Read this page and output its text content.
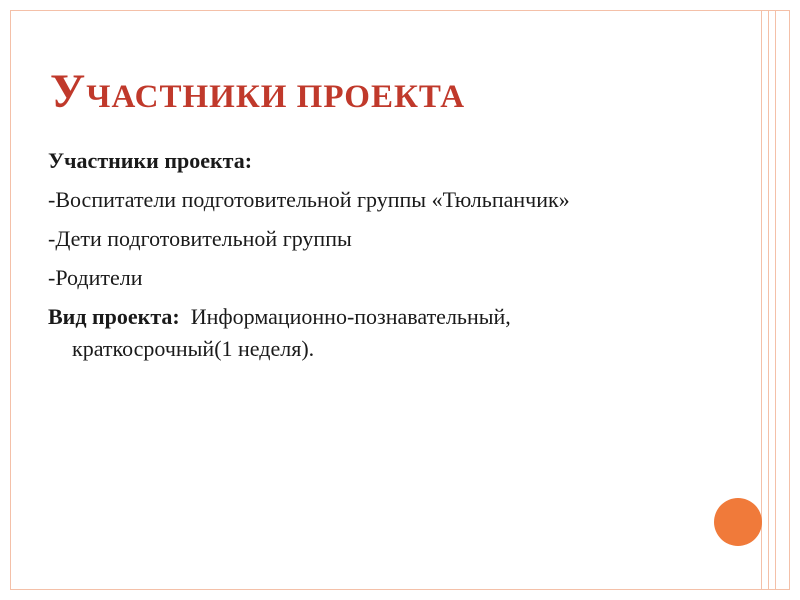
УЧАСТНИКИ ПРОЕКТА
Участники проекта:
-Воспитатели подготовительной группы «Тюльпанчик»
-Дети подготовительной группы
-Родители
Вид проекта: Информационно-познавательный,
краткосрочный(1 неделя).
